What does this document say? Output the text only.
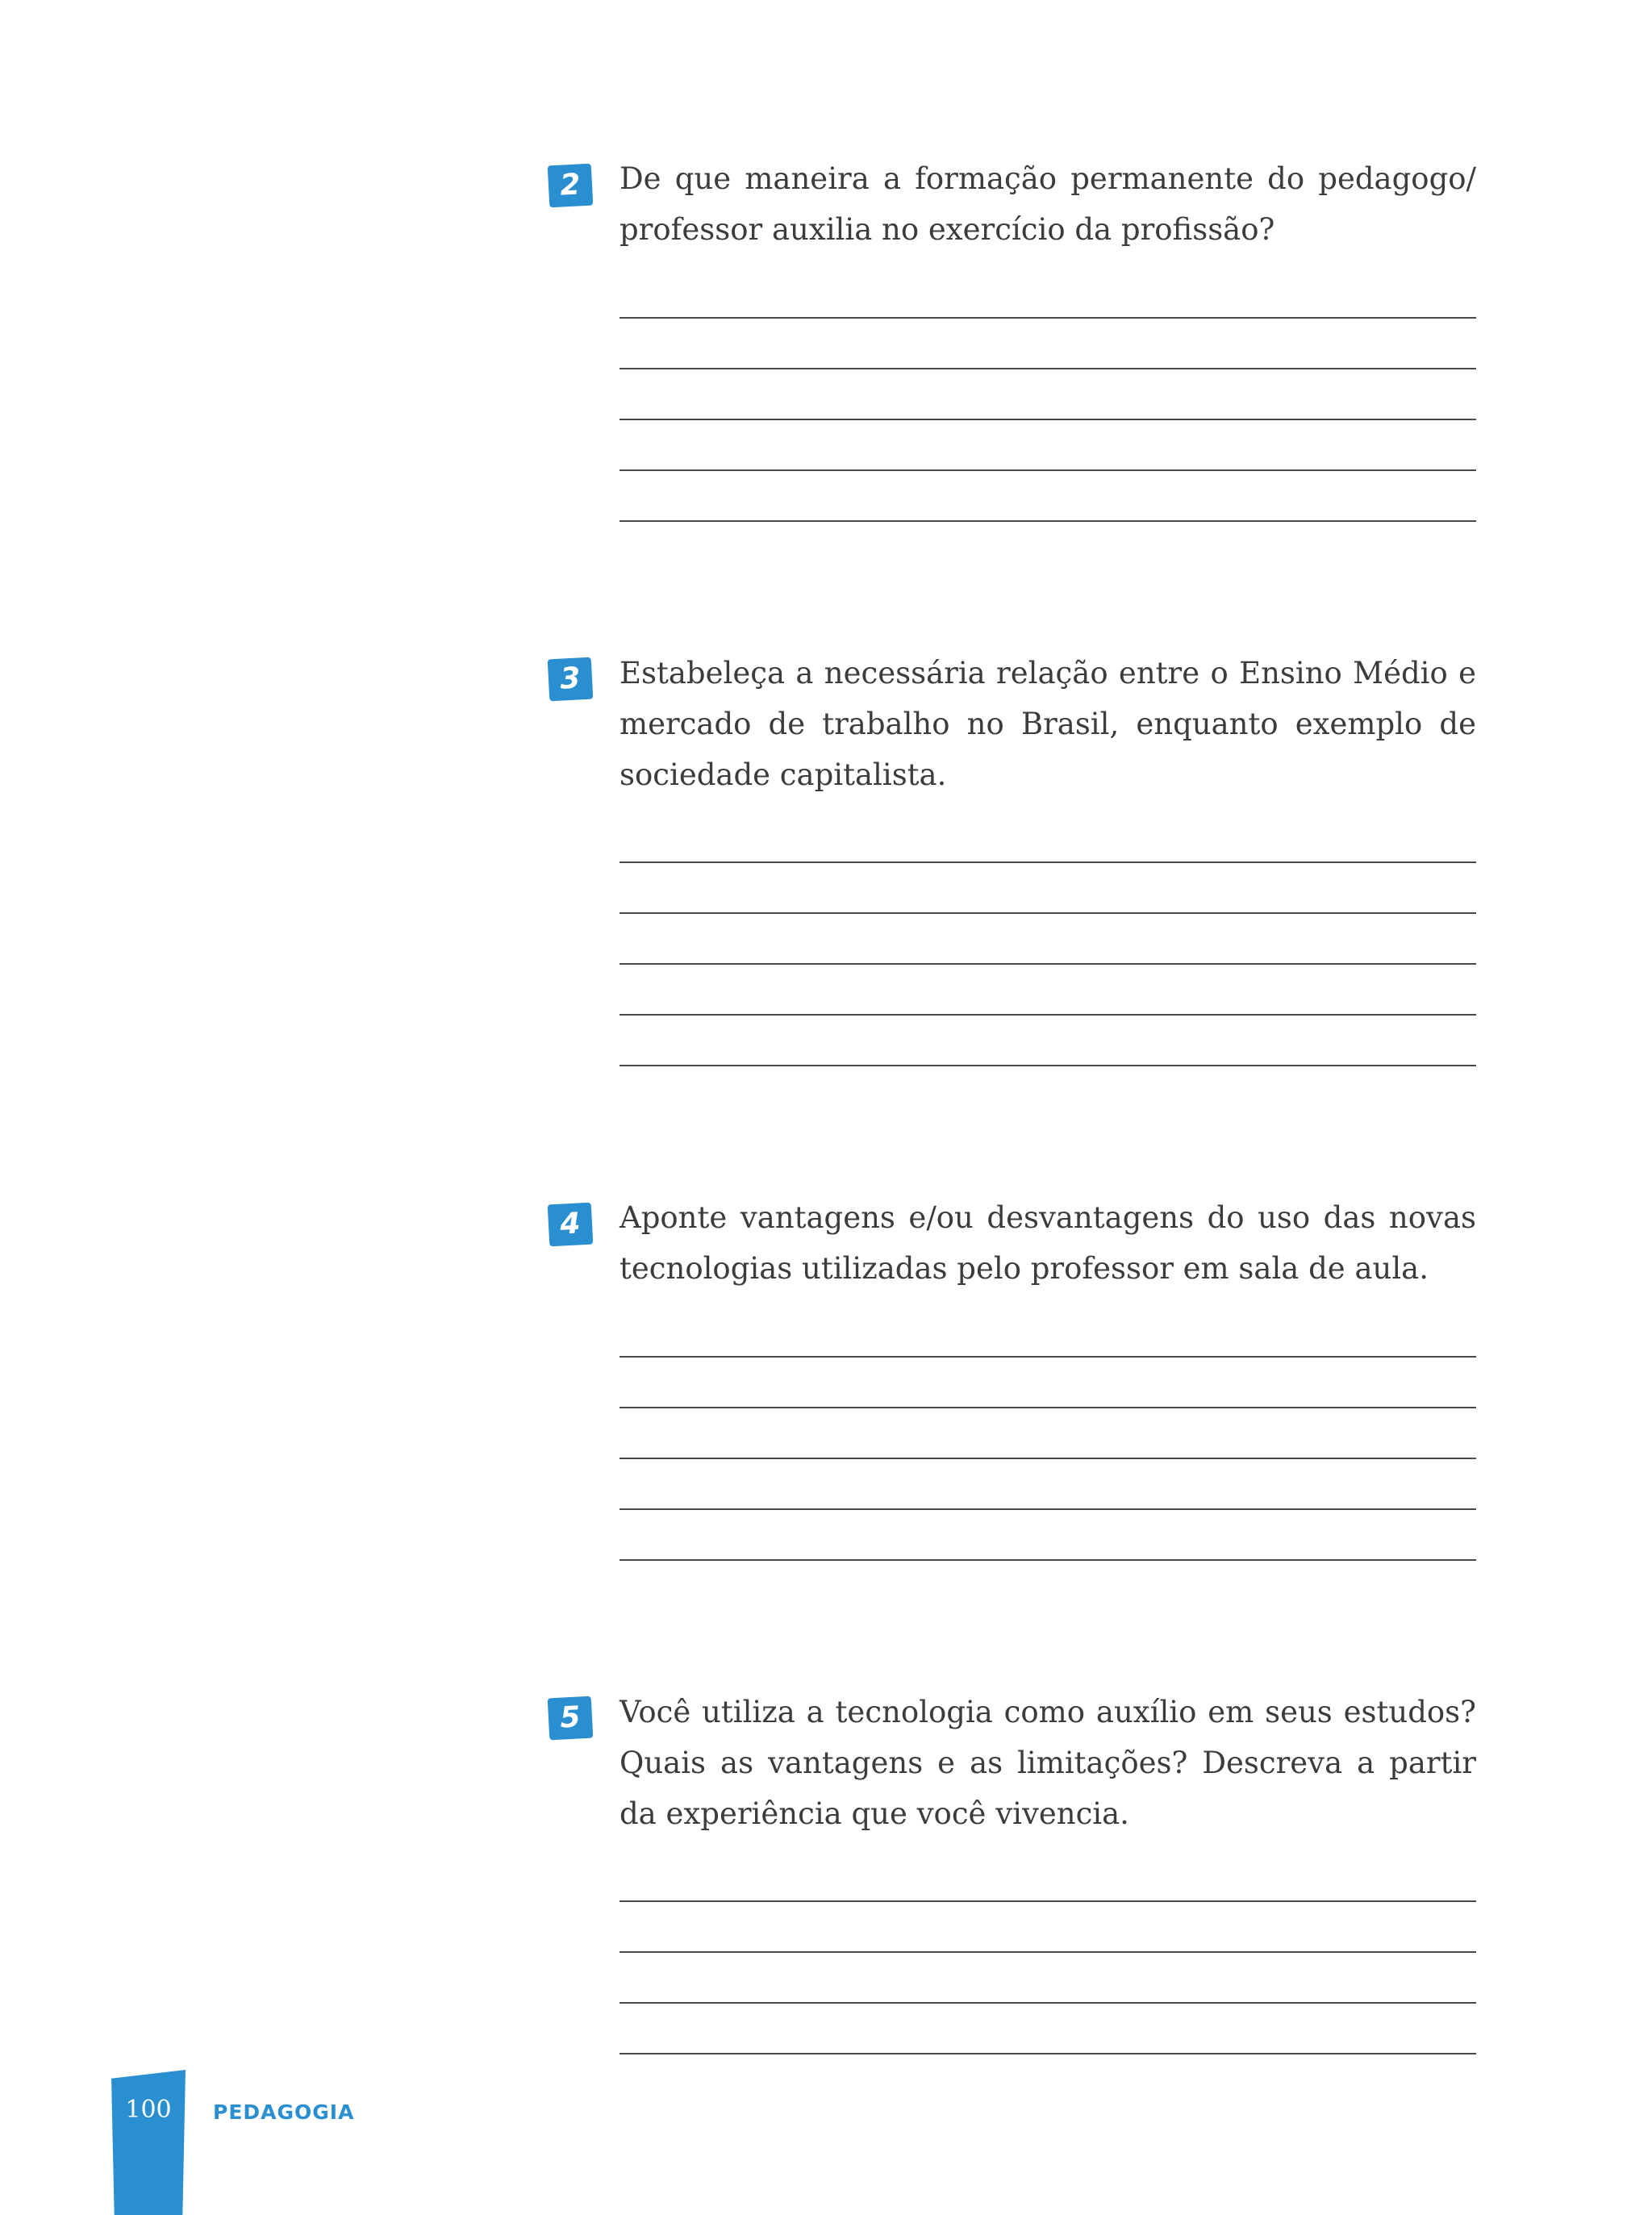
2	De que maneira a formação permanente do pedagogo/ professor auxilia no exercício da profissão?

3	Estabeleça a necessária relação entre o Ensino Médio e mercado de trabalho no Brasil, enquanto exemplo de sociedade capitalista.

4	Aponte vantagens e/ou desvantagens do uso das novas tecnologias utilizadas pelo professor em sala de aula.

5	Você utiliza a tecnologia como auxílio em seus estudos? Quais as vantagens e as limitações? Descreva a partir da experiência que você vivencia.

100	PEDAGOGIA
